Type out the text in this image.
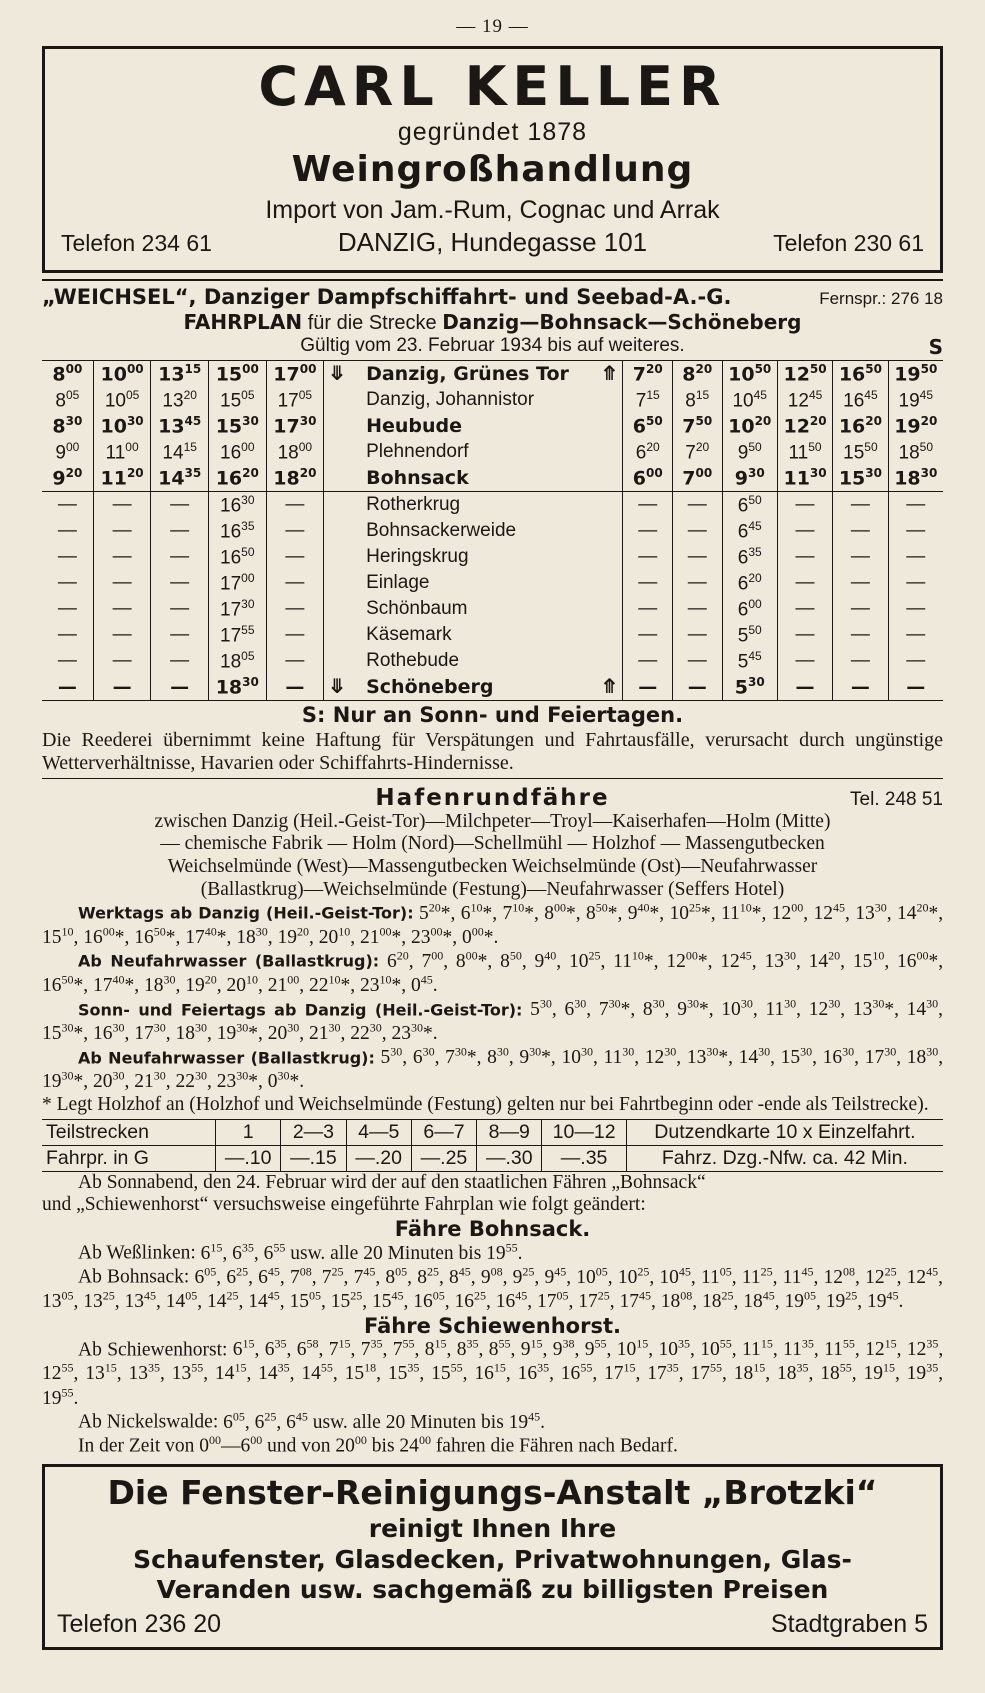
— 19 —
CARL KELLER
gegründet 1878
Weingroßhandlung
Import von Jam.-Rum, Cognac und Arrak
Telefon 234 61	DANZIG, Hundegasse 101	Telefon 230 61
„WEICHSEL“, Danziger Dampfschiffahrt- und Seebad-A.-G.	Fernspr.: 276 18
FAHRPLAN für die Strecke Danzig—Bohnsack—Schöneberg
Gültig vom 23. Februar 1934 bis auf weiteres.	S
$8^{00}$	$10^{00}$	$13^{15}$	$15^{00}$	$17^{00}$	⤋	Danzig, Grünes Tor	⤊	$7^{20}$	$8^{20}$	$10^{50}$	$12^{50}$	$16^{50}$	$19^{50}$
$8^{05}$	$10^{05}$	$13^{20}$	$15^{05}$	$17^{05}$		Danzig, Johannistor		$7^{15}$	$8^{15}$	$10^{45}$	$12^{45}$	$16^{45}$	$19^{45}$
$8^{30}$	$10^{30}$	$13^{45}$	$15^{30}$	$17^{30}$		Heubude		$6^{50}$	$7^{50}$	$10^{20}$	$12^{20}$	$16^{20}$	$19^{20}$
$9^{00}$	$11^{00}$	$14^{15}$	$16^{00}$	$18^{00}$		Plehnendorf		$6^{20}$	$7^{20}$	$9^{50}$	$11^{50}$	$15^{50}$	$18^{50}$
$9^{20}$	$11^{20}$	$14^{35}$	$16^{20}$	$18^{20}$		Bohnsack		$6^{00}$	$7^{00}$	$9^{30}$	$11^{30}$	$15^{30}$	$18^{30}$
—	—	—	$16^{30}$	—		Rotherkrug		—	—	$6^{50}$	—	—	—
—	—	—	$16^{35}$	—		Bohnsackerweide		—	—	$6^{45}$	—	—	—
—	—	—	$16^{50}$	—		Heringskrug		—	—	$6^{35}$	—	—	—
—	—	—	$17^{00}$	—		Einlage		—	—	$6^{20}$	—	—	—
—	—	—	$17^{30}$	—		Schönbaum		—	—	$6^{00}$	—	—	—
—	—	—	$17^{55}$	—		Käsemark		—	—	$5^{50}$	—	—	—
—	—	—	$18^{05}$	—		Rothebude		—	—	$5^{45}$	—	—	—
—	—	—	$18^{30}$	—	⤋	Schöneberg	⤊	—	—	$5^{30}$	—	—	—
S: Nur an Sonn- und Feiertagen.
Die Reederei übernimmt keine Haftung für Verspätungen und Fahrtausfälle, verursacht durch ungünstige Wetterverhältnisse, Havarien oder Schiffahrts-Hindernisse.
Hafenrundfähre	Tel. 248 51

zwischen Danzig (Heil.-Geist-Tor)—Milchpeter—Troyl—Kaiserhafen—Holm (Mitte)

— chemische Fabrik — Holm (Nord)—Schellmühl — Holzhof — Massengutbecken

Weichselmünde (West)—Massengutbecken Weichselmünde (Ost)—Neufahrwasser

(Ballastkrug)—Weichselmünde (Festung)—Neufahrwasser (Seffers Hotel)

Werktags ab Danzig (Heil.-Geist-Tor): $5^{20}*$, $6^{10}*$, $7^{10}*$, $8^{00}*$, $8^{50}*$, $9^{40}*$, $10^{25}*$, $11^{10}*$, $12^{00}$, $12^{45}$, $13^{30}$, $14^{20}*$, $15^{10}$, $16^{00}*$, $16^{50}*$, $17^{40}*$, $18^{30}$, $19^{20}$, $20^{10}$, $21^{00}*$, $23^{00}*$, $0^{00}*$.
Ab Neufahrwasser (Ballastkrug): $6^{20}$, $7^{00}$, $8^{00}*$, $8^{50}$, $9^{40}$, $10^{25}$, $11^{10}*$, $12^{00}*$, $12^{45}$, $13^{30}$, $14^{20}$, $15^{10}$, $16^{00}*$, $16^{50}*$, $17^{40}*$, $18^{30}$, $19^{20}$, $20^{10}$, $21^{00}$, $22^{10}*$, $23^{10}*$, $0^{45}$.
Sonn- und Feiertags ab Danzig (Heil.-Geist-Tor): $5^{30}$, $6^{30}$, $7^{30}*$, $8^{30}$, $9^{30}*$, $10^{30}$, $11^{30}$, $12^{30}$, $13^{30}*$, $14^{30}$, $15^{30}*$, $16^{30}$, $17^{30}$, $18^{30}$, $19^{30}*$, $20^{30}$, $21^{30}$, $22^{30}$, $23^{30}*$.
Ab Neufahrwasser (Ballastkrug): $5^{30}$, $6^{30}$, $7^{30}*$, $8^{30}$, $9^{30}*$, $10^{30}$, $11^{30}$, $12^{30}$, $13^{30}*$, $14^{30}$, $15^{30}$, $16^{30}$, $17^{30}$, $18^{30}$, $19^{30}*$, $20^{30}$, $21^{30}$, $22^{30}$, $23^{30}*$, $0^{30}*$.
* Legt Holzhof an (Holzhof und Weichselmünde (Festung) gelten nur bei Fahrtbeginn oder -ende als Teilstrecke).
Teilstrecken	1	2—3	4—5	6—7	8—9	10—12	Dutzendkarte 10 x Einzelfahrt.
Fahrpr. in G	—.10	—.15	—.20	—.25	—.30	—.35	Fahrz. Dzg.-Nfw. ca. 42 Min.

Ab Sonnabend, den 24. Februar wird der auf den staatlichen Fähren „Bohnsack“

und „Schiewenhorst“ versuchsweise eingeführte Fahrplan wie folgt geändert:

Fähre Bohnsack.

Ab Weßlinken: $6^{15}$, $6^{35}$, $6^{55}$ usw. alle 20 Minuten bis $19^{55}$.

Ab Bohnsack: $6^{05}$, $6^{25}$, $6^{45}$, $7^{08}$, $7^{25}$, $7^{45}$, $8^{05}$, $8^{25}$, $8^{45}$, $9^{08}$, $9^{25}$, $9^{45}$, $10^{05}$, $10^{25}$, $10^{45}$, $11^{05}$, $11^{25}$, $11^{45}$, $12^{08}$, $12^{25}$, $12^{45}$, $13^{05}$, $13^{25}$, $13^{45}$, $14^{05}$, $14^{25}$, $14^{45}$, $15^{05}$, $15^{25}$, $15^{45}$, $16^{05}$, $16^{25}$, $16^{45}$, $17^{05}$, $17^{25}$, $17^{45}$, $18^{08}$, $18^{25}$, $18^{45}$, $19^{05}$, $19^{25}$, $19^{45}$.

Fähre Schiewenhorst.

Ab Schiewenhorst: $6^{15}$, $6^{35}$, $6^{58}$, $7^{15}$, $7^{35}$, $7^{55}$, $8^{15}$, $8^{35}$, $8^{55}$, $9^{15}$, $9^{38}$, $9^{55}$, $10^{15}$, $10^{35}$, $10^{55}$, $11^{15}$, $11^{35}$, $11^{55}$, $12^{15}$, $12^{35}$, $12^{55}$, $13^{15}$, $13^{35}$, $13^{55}$, $14^{15}$, $14^{35}$, $14^{55}$, $15^{18}$, $15^{35}$, $15^{55}$, $16^{15}$, $16^{35}$, $16^{55}$, $17^{15}$, $17^{35}$, $17^{55}$, $18^{15}$, $18^{35}$, $18^{55}$, $19^{15}$, $19^{35}$, $19^{55}$.

Ab Nickelswalde: $6^{05}$, $6^{25}$, $6^{45}$ usw. alle 20 Minuten bis $19^{45}$.

In der Zeit von $0^{00}—6^{00}$ und von $20^{00}$ bis $24^{00}$ fahren die Fähren nach Bedarf.

Die Fenster-Reinigungs-Anstalt „Brotzki“
reinigt Ihnen Ihre
Schaufenster, Glasdecken, Privatwohnungen, Glas-
Veranden usw. sachgemäß zu billigsten Preisen
Telefon 236 20	Stadtgraben 5
